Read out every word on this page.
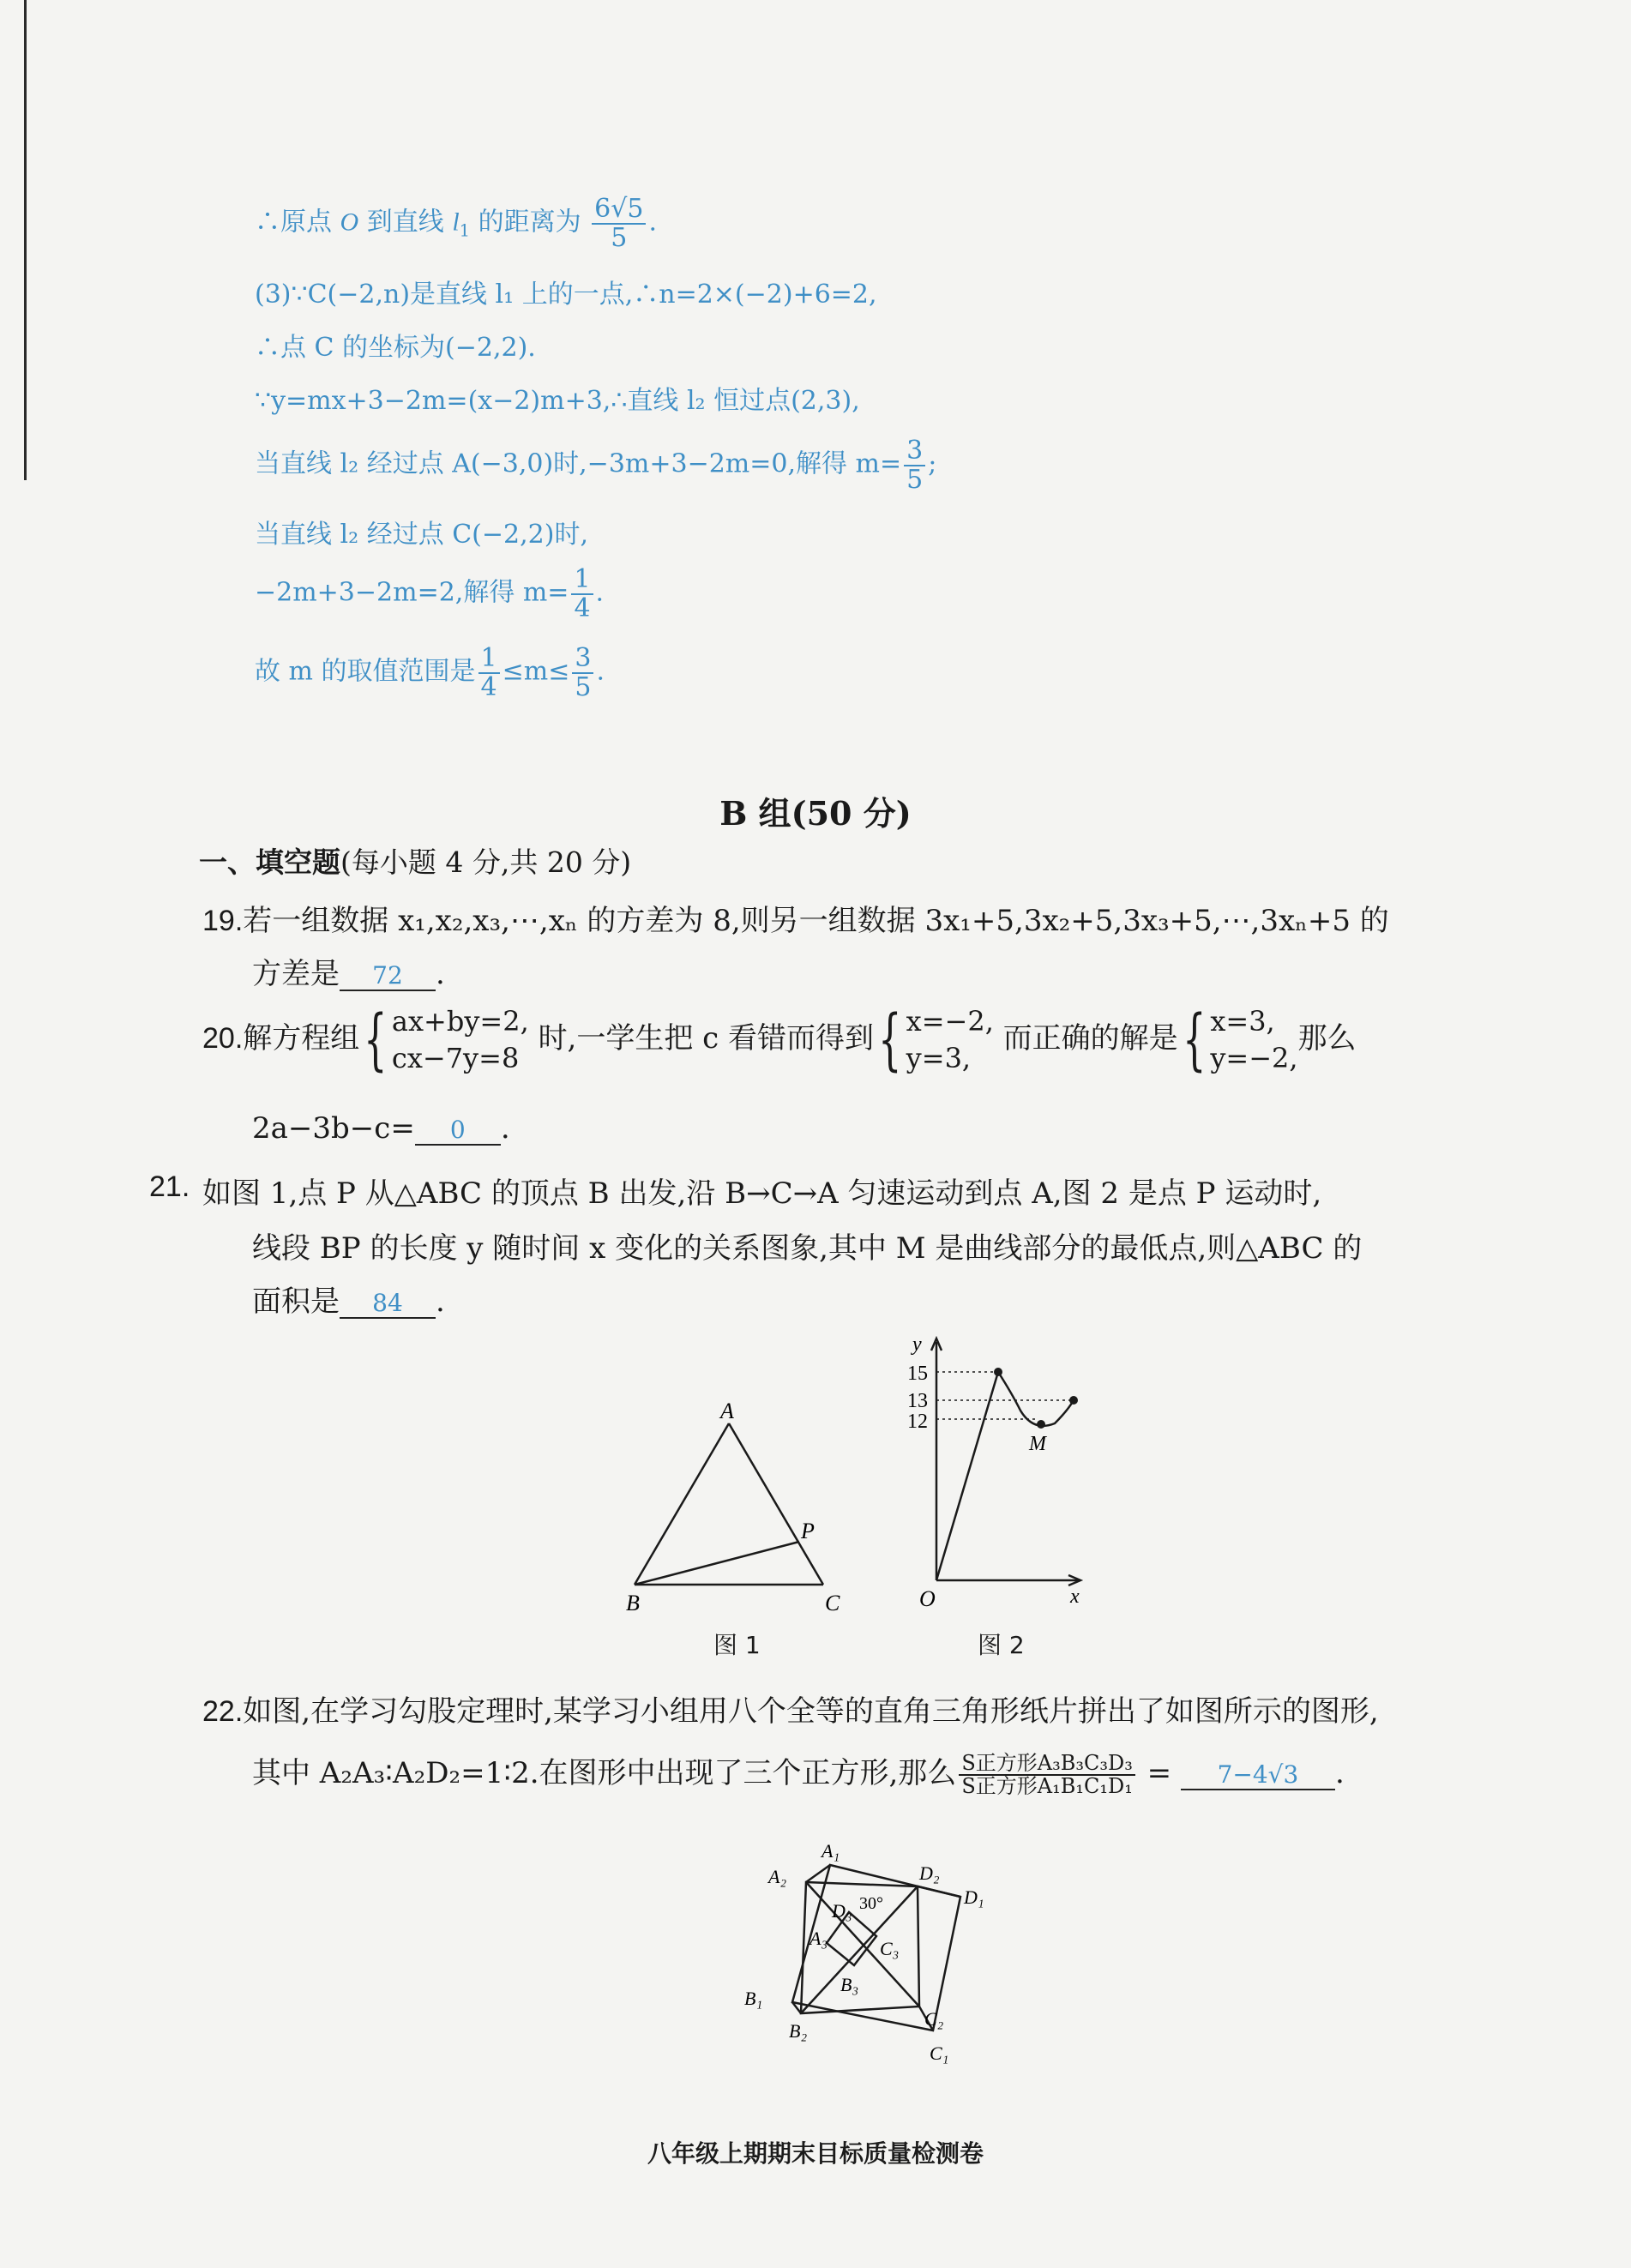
∴原点 O 到直线 $l_1$ 的距离为 $\frac{6√5}{5}$ .
(3)∵C(−2,n)是直线 l₁ 上的一点,∴n=2×(−2)+6=2,
∴点 C 的坐标为(−2,2).
∵y=mx+3−2m=(x−2)m+3,∴直线 l₂ 恒过点(2,3),
当直线 l₂ 经过点 A(−3,0)时,−3m+3−2m=0,解得 $m= \frac{3}{5}$ ;
当直线 l₂ 经过点 C(−2,2)时,
−2m+3−2m=2,解得 $m= \frac{1}{4}$ .
故 m 的取值范围是 $\frac{1}{4} \le m\le \frac{3}{5}$ .
B 组(50 分)
一、填空题(每小题 4 分,共 20 分)
19.若一组数据 x₁,x₂,x₃,⋯,xₙ 的方差为 8,则另一组数据 3x₁+5,3x₂+5,3x₃+5,⋯,3xₙ+5 的
方差是 72 .
20.解方程组{ ax+by=2,
cx−7y=8
时,一学生把 c 看错而得到{ x=−2,
y=3,
而正确的解是{ x=3,
y=−2,
那么
2a−3b−c= 0 .
如图 1,点 P 从△ABC 的顶点 B 出发,沿 B→C→A 匀速运动到点 A,图 2 是点 P 运动时,
21.
线段 BP 的长度 y 随时间 x 变化的关系图象,其中 M 是曲线部分的最低点,则△ABC 的
面积是 84 .
A
B	C
P
图 1
y
x
O
M
15
13
12
图 2
22.如图,在学习勾股定理时,某学习小组用八个全等的直角三角形纸片拼出了如图所示的图形,
其中 A₂A₃∶A₂D₂=1∶2.在图形中出现了三个正方形,那么 $\frac{\text{S正方形A₃B₃C₃D₃}}{\text{S正方形A₁B₁C₁D₁}} = 7-4√3$ .
A₁
A₂
A₃
B₁
B₂
B₃
C₁
C₂
C₃
D₁
D₂
D₃ 30°
八年级上期期末目标质量检测卷
